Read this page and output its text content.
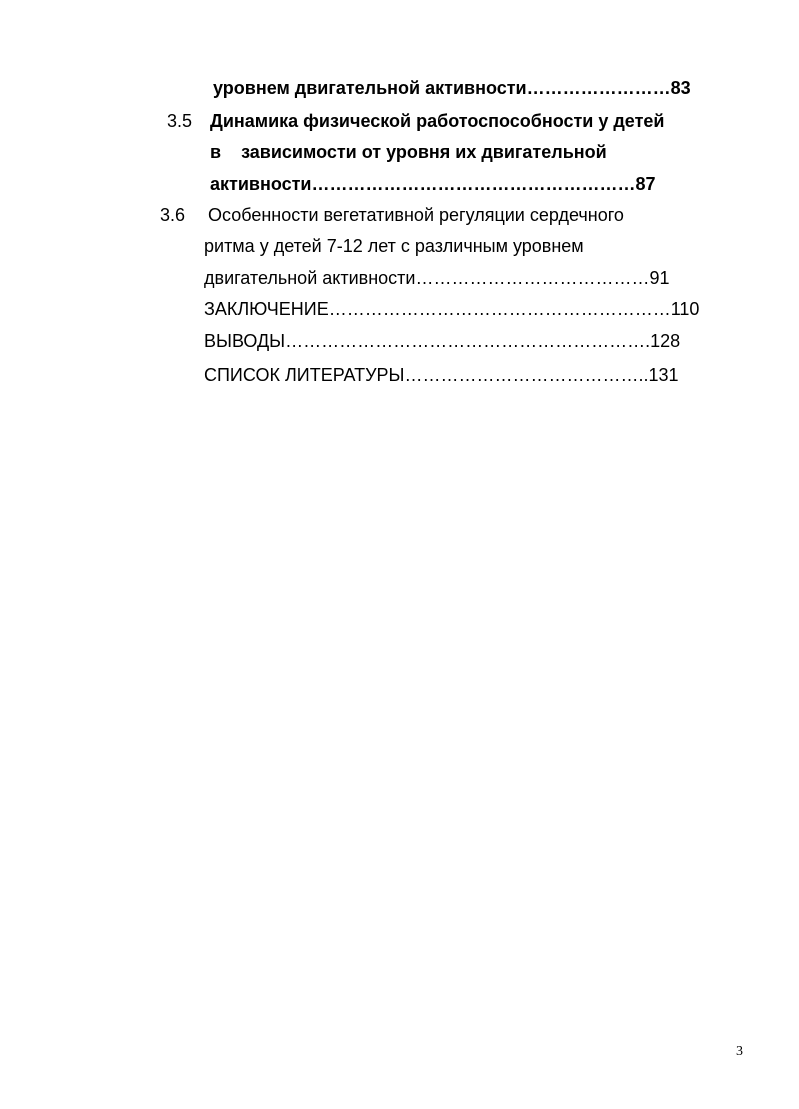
уровнем двигательной активности……………………83
3.5 Динамика физической работоспособности у детей
в    зависимости от уровня их двигательной
активности………………………………………………87
3.6 Особенности вегетативной регуляции сердечного
ритма у детей 7-12 лет с различным уровнем
двигательной активности…………………………………91
ЗАКЛЮЧЕНИЕ…………………………………………………110
ВЫВОДЫ…………………………………………………….128
СПИСОК ЛИТЕРАТУРЫ…………………………………..131
3
